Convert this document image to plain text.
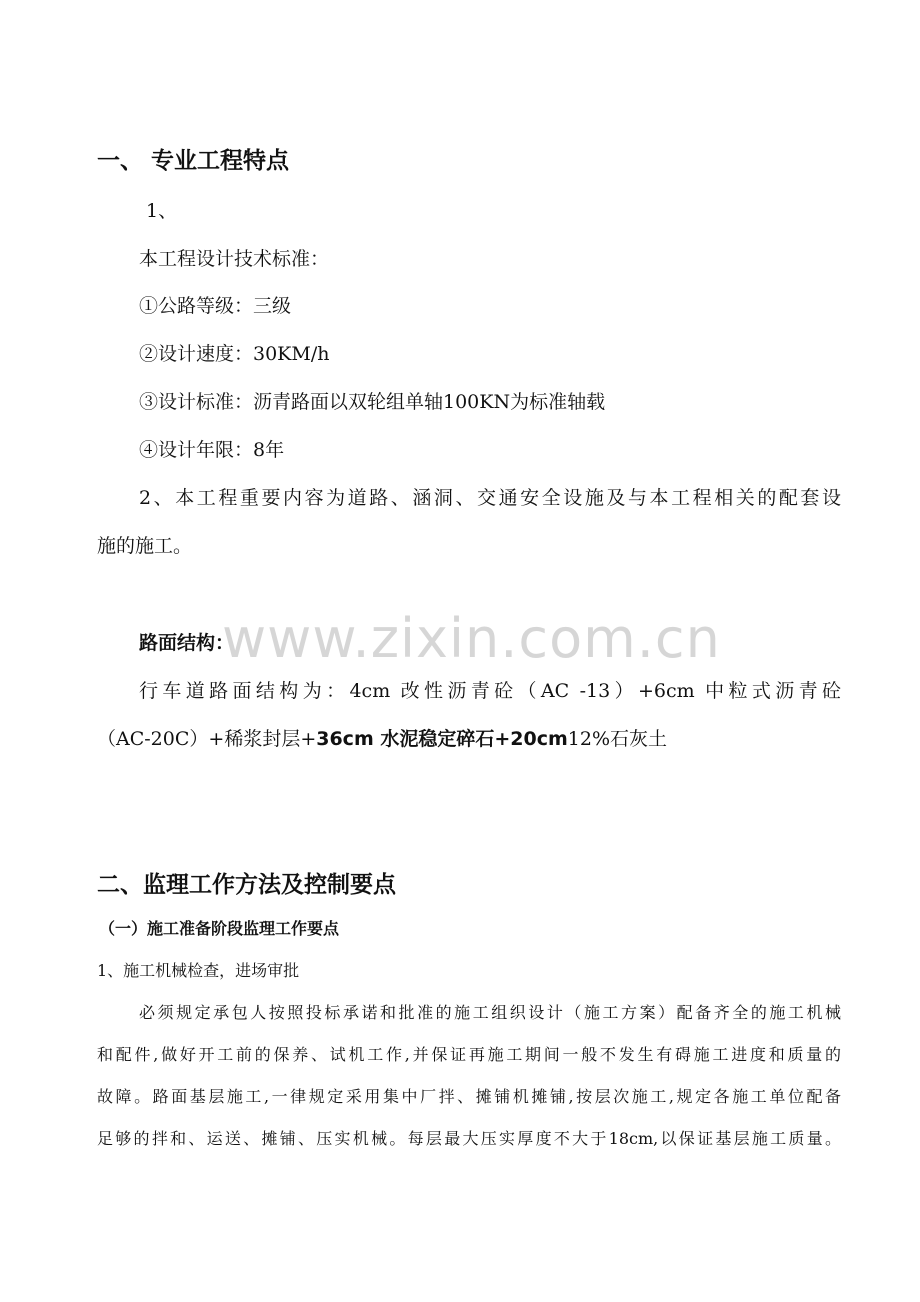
www.zixin.com.cn
一、 专业工程特点
1、
本工程设计技术标准：
①公路等级：三级
②设计速度：30KM/h
③设计标准：沥青路面以双轮组单轴100KN为标准轴载
④设计年限：8年
2、本工程重要内容为道路、涵洞、交通安全设施及与本工程相关的配套设
施的施工。
路面结构：
行车道路面结构为：4cm 改性沥青砼（AC -13）+6cm 中粒式沥青砼
（AC-20C）+稀浆封层+36cm 水泥稳定碎石+20cm12%石灰土
二、监理工作方法及控制要点
（一）施工准备阶段监理工作要点
1、施工机械检查，进场审批
必须规定承包人按照投标承诺和批准的施工组织设计（施工方案）配备齐全的施工机械
和配件,做好开工前的保养、试机工作,并保证再施工期间一般不发生有碍施工进度和质量的
故障。路面基层施工,一律规定采用集中厂拌、摊铺机摊铺,按层次施工,规定各施工单位配备
足够的拌和、运送、摊铺、压实机械。每层最大压实厚度不大于18cm,以保证基层施工质量。
